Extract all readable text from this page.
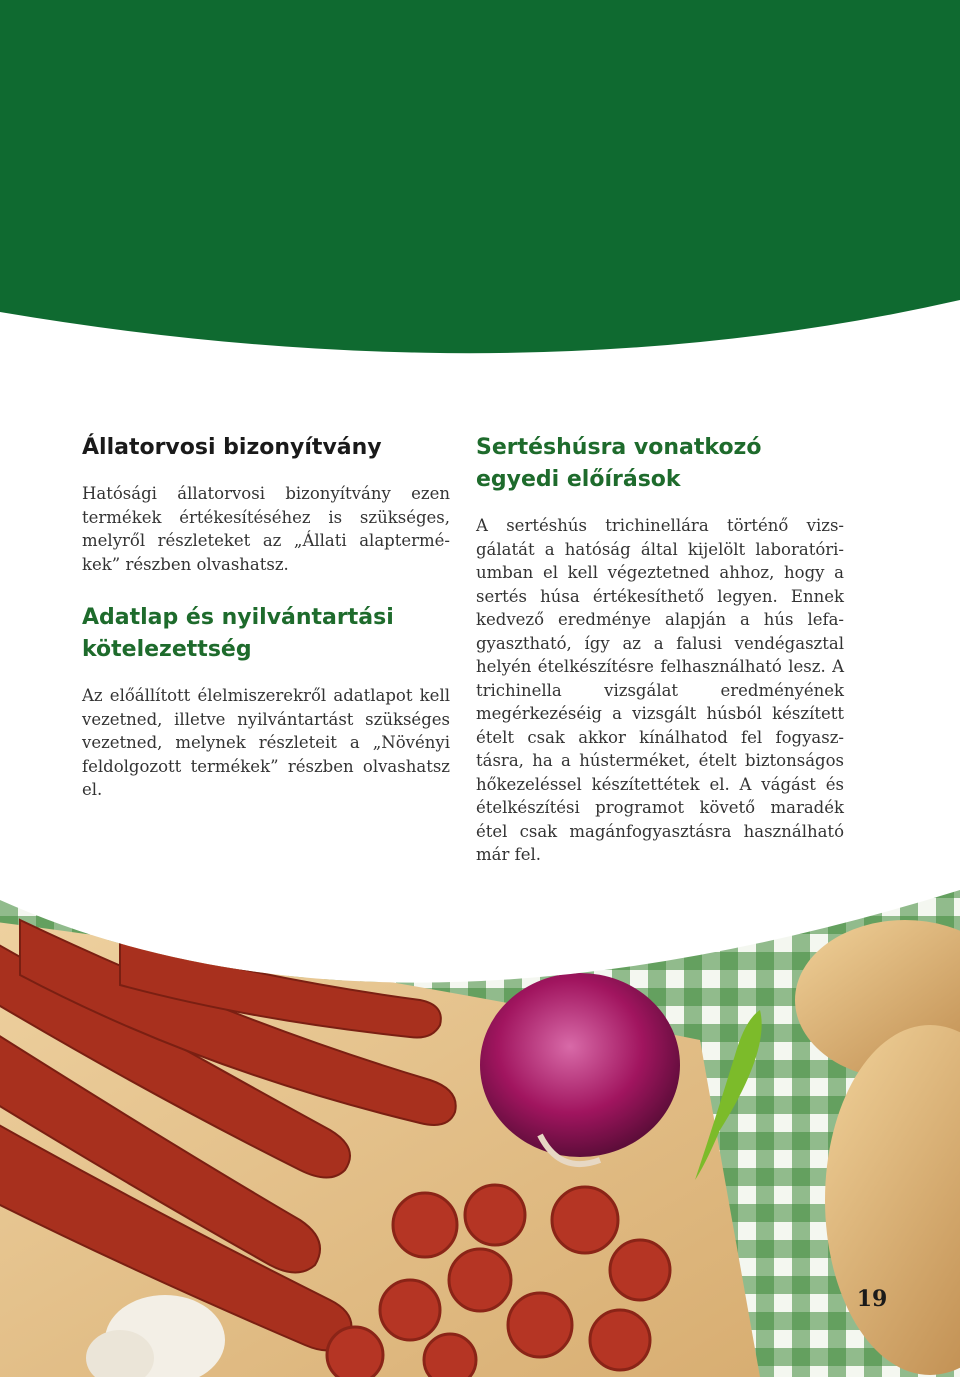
Állatorvosi bizonyítvány

Hatósági állatorvosi bizonyítvány ezen termékek értékesítéséhez is szükséges, melyről részleteket az „Állati alaptermé-kek” részben olvashatsz.

Adatlap és nyilvántartási kötelezettség

Az előállított élelmiszerekről adatlapot kell vezetned, illetve nyilvántartást szükséges vezetned, melynek részleteit a „Növényi feldolgozott termékek” részben olvashatsz el.

Sertéshúsra vonatkozó egyedi előírások

A sertéshús trichinellára történő vizs-gálatát a hatóság által kijelölt laboratóri-umban el kell végeztetned ahhoz, hogy a sertés húsa értékesíthető legyen. Ennek kedvező eredménye alapján a hús lefa-gyasztható, így az a falusi vendégasztal helyén ételkészítésre felhasználható lesz. A trichinella vizsgálat eredményének megérkezéséig a vizsgált húsból készített ételt csak akkor kínálhatod fel fogyasz-tásra, ha a hústerméket, ételt biztonságos hőkezeléssel készítettétek el. A vágást és ételkészítési programot követő maradék étel csak magánfogyasztásra használható már fel.

19
